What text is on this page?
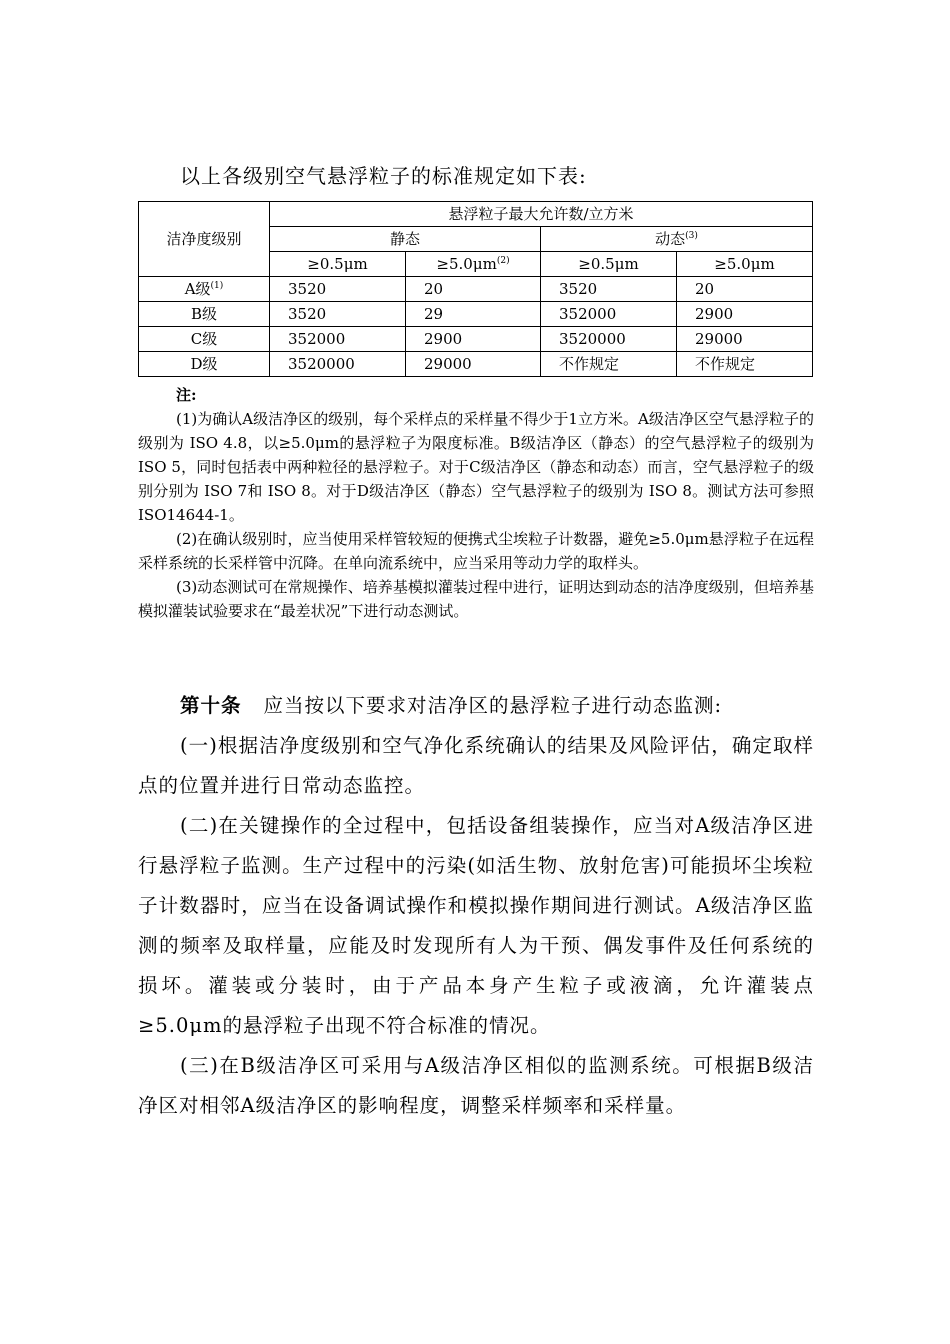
以上各级别空气悬浮粒子的标准规定如下表:

洁净度级别	悬浮粒子最大允许数/立方米			
	静态		动态$^{(3)}$
	≥0.5μm	$\ge 5.0\mu m^{(2)}$	≥0.5μm	≥5.0μm
A级$^{(1)}$	3520	20	3520	20
B级	3520	29	352000	2900
C级	352000	2900	3520000	29000
D级	3520000	29000	不作规定	不作规定

注:

(1)为确认A级洁净区的级别，每个采样点的采样量不得少于1立方米。A级洁净区空气悬浮粒子的级别为 ISO 4.8，以≥5.0μm的悬浮粒子为限度标准。B级洁净区（静态）的空气悬浮粒子的级别为 ISO 5，同时包括表中两种粒径的悬浮粒子。对于C级洁净区（静态和动态）而言，空气悬浮粒子的级别分别为 ISO 7和 ISO 8。对于D级洁净区（静态）空气悬浮粒子的级别为 ISO 8。测试方法可参照 ISO14644-1。

(2)在确认级别时，应当使用采样管较短的便携式尘埃粒子计数器，避免≥5.0μm悬浮粒子在远程采样系统的长采样管中沉降。在单向流系统中，应当采用等动力学的取样头。

(3)动态测试可在常规操作、培养基模拟灌装过程中进行，证明达到动态的洁净度级别，但培养基模拟灌装试验要求在“最差状况”下进行动态测试。

第十条 应当按以下要求对洁净区的悬浮粒子进行动态监测:

(一)根据洁净度级别和空气净化系统确认的结果及风险评估，确定取样点的位置并进行日常动态监控。

(二)在关键操作的全过程中，包括设备组装操作，应当对A级洁净区进行悬浮粒子监测。生产过程中的污染(如活生物、放射危害)可能损坏尘埃粒子计数器时，应当在设备调试操作和模拟操作期间进行测试。A级洁净区监测的频率及取样量，应能及时发现所有人为干预、偶发事件及任何系统的损坏。灌装或分装时，由于产品本身产生粒子或液滴，允许灌装点≥5.0μm的悬浮粒子出现不符合标准的情况。

(三)在B级洁净区可采用与A级洁净区相似的监测系统。可根据B级洁净区对相邻A级洁净区的影响程度，调整采样频率和采样量。
